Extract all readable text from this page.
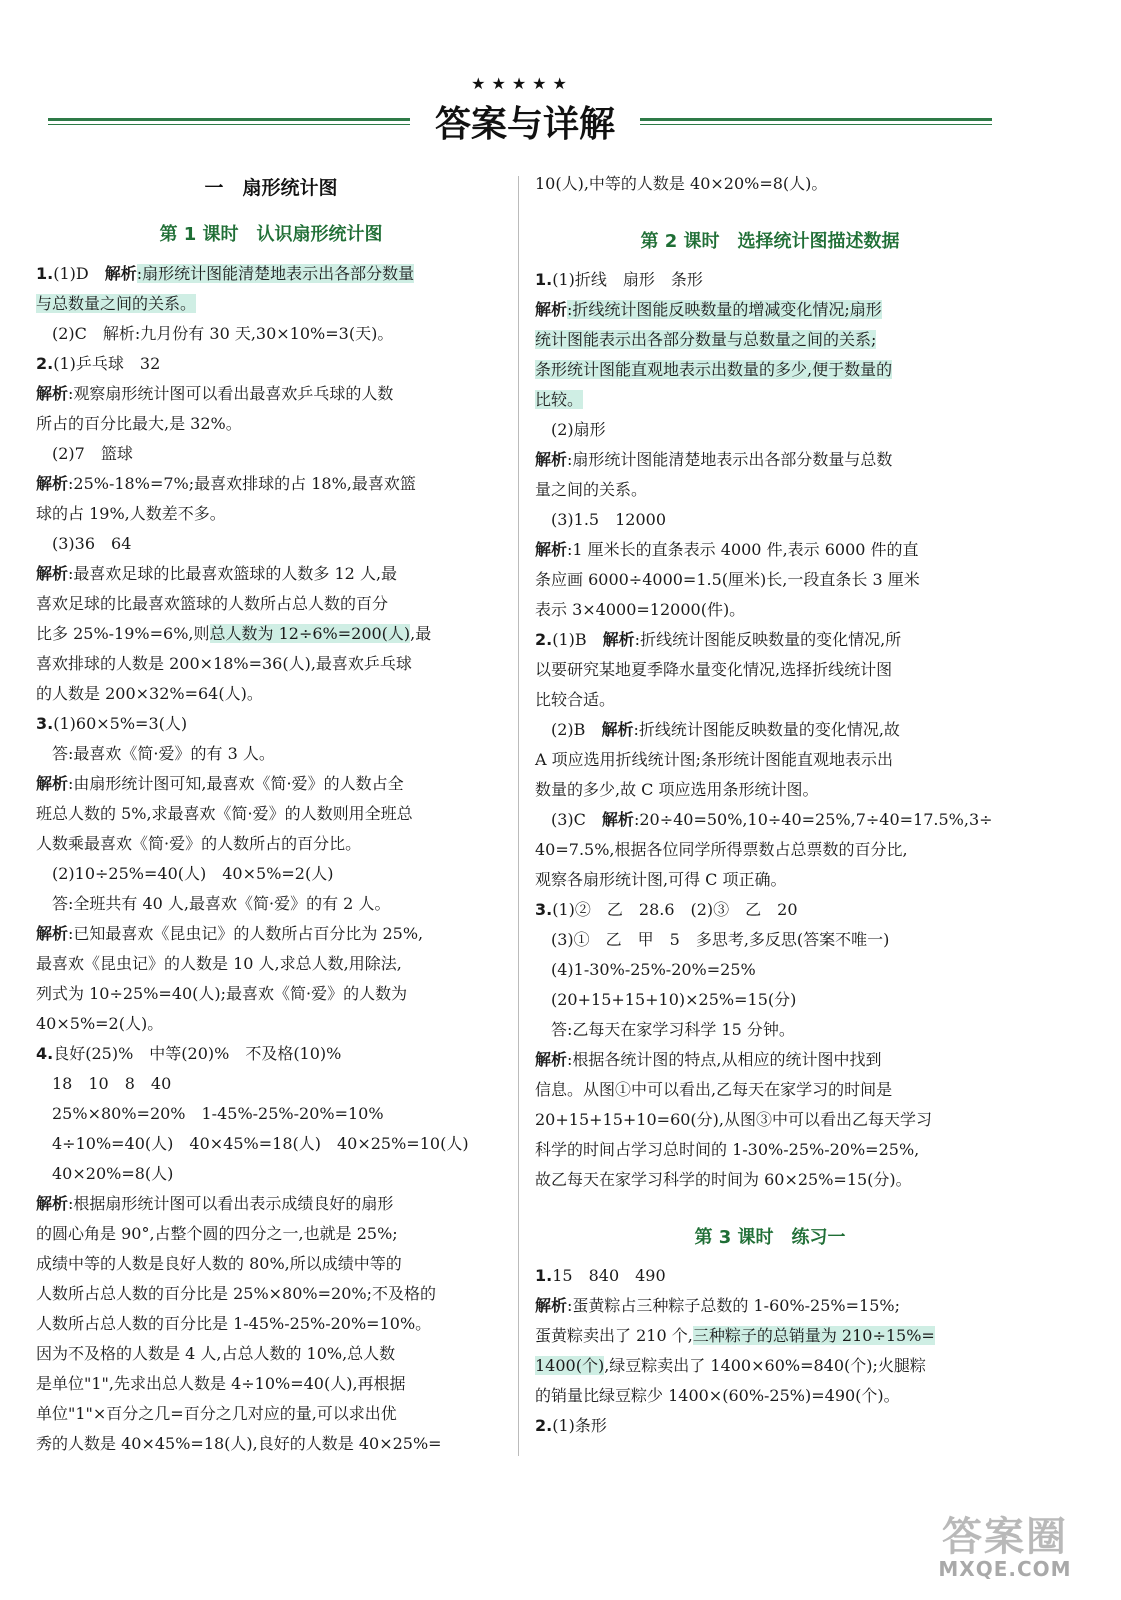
★★★★★
答案与详解
一　扇形统计图
第 1 课时　认识扇形统计图
1.(1)D　 解析:扇形统计图能清楚地表示出各部分数量
与总数量之间的关系。
(2)C　解析:九月份有 30 天,30×10%=3(天)。
2.(1)乒乓球　32
解析:观察扇形统计图可以看出最喜欢乒乓球的人数
所占的百分比最大,是 32%。
(2)7　篮球
解析:25%-18%=7%;最喜欢排球的占 18%,最喜欢篮
球的占 19%,人数差不多。
(3)36　64
解析:最喜欢足球的比最喜欢篮球的人数多 12 人,最
喜欢足球的比最喜欢篮球的人数所占总人数的百分
比多 25%-19%=6%,则总人数为 12÷6%=200(人),最
喜欢排球的人数是 200×18%=36(人),最喜欢乒乓球
的人数是 200×32%=64(人)。
3.(1)60×5%=3(人)
答:最喜欢《简·爱》的有 3 人。
解析:由扇形统计图可知,最喜欢《简·爱》的人数占全
班总人数的 5%,求最喜欢《简·爱》的人数则用全班总
人数乘最喜欢《简·爱》的人数所占的百分比。
(2)10÷25%=40(人)　40×5%=2(人)
答:全班共有 40 人,最喜欢《简·爱》的有 2 人。
解析:已知最喜欢《昆虫记》的人数所占百分比为 25%,
最喜欢《昆虫记》的人数是 10 人,求总人数,用除法,
列式为 10÷25%=40(人);最喜欢《简·爱》的人数为
40×5%=2(人)。
4.良好(25)%　中等(20)%　不及格(10)%
18　10　8　40
25%×80%=20%　1-45%-25%-20%=10%
4÷10%=40(人)　40×45%=18(人)　40×25%=10(人)
40×20%=8(人)
解析:根据扇形统计图可以看出表示成绩良好的扇形
的圆心角是 90°,占整个圆的四分之一,也就是 25%;
成绩中等的人数是良好人数的 80%,所以成绩中等的
人数所占总人数的百分比是 25%×80%=20%;不及格的
人数所占总人数的百分比是 1-45%-25%-20%=10%。
因为不及格的人数是 4 人,占总人数的 10%,总人数
是单位"1",先求出总人数是 4÷10%=40(人),再根据
单位"1"×百分之几=百分之几对应的量,可以求出优
秀的人数是 40×45%=18(人),良好的人数是 40×25%=
10(人),中等的人数是 40×20%=8(人)。
第 2 课时　选择统计图描述数据
1.(1)折线　扇形　条形
解析:折线统计图能反映数量的增减变化情况;扇形
统计图能表示出各部分数量与总数量之间的关系;
条形统计图能直观地表示出数量的多少,便于数量的
比较。
(2)扇形
解析:扇形统计图能清楚地表示出各部分数量与总数
量之间的关系。
(3)1.5　12000
解析:1 厘米长的直条表示 4000 件,表示 6000 件的直
条应画 6000÷4000=1.5(厘米)长,一段直条长 3 厘米
表示 3×4000=12000(件)。
2.(1)B　解析:折线统计图能反映数量的变化情况,所
以要研究某地夏季降水量变化情况,选择折线统计图
比较合适。
(2)B　解析:折线统计图能反映数量的变化情况,故
A 项应选用折线统计图;条形统计图能直观地表示出
数量的多少,故 C 项应选用条形统计图。
(3)C　解析:20÷40=50%,10÷40=25%,7÷40=17.5%,3÷
40=7.5%,根据各位同学所得票数占总票数的百分比,
观察各扇形统计图,可得 C 项正确。
3.(1)②　乙　28.6　(2)③　乙　20
(3)①　乙　甲　5　多思考,多反思(答案不唯一)
(4)1-30%-25%-20%=25%
(20+15+15+10)×25%=15(分)
答:乙每天在家学习科学 15 分钟。
解析:根据各统计图的特点,从相应的统计图中找到
信息。从图①中可以看出,乙每天在家学习的时间是
20+15+15+10=60(分),从图③中可以看出乙每天学习
科学的时间占学习总时间的 1-30%-25%-20%=25%,
故乙每天在家学习科学的时间为 60×25%=15(分)。
第 3 课时　练习一
1.15　840　490
解析:蛋黄粽占三种粽子总数的 1-60%-25%=15%;
蛋黄粽卖出了 210 个,三种粽子的总销量为 210÷15%=
1400(个),绿豆粽卖出了 1400×60%=840(个);火腿粽
的销量比绿豆粽少 1400×(60%-25%)=490(个)。
2.(1)条形
答案圈
MXQE.COM
